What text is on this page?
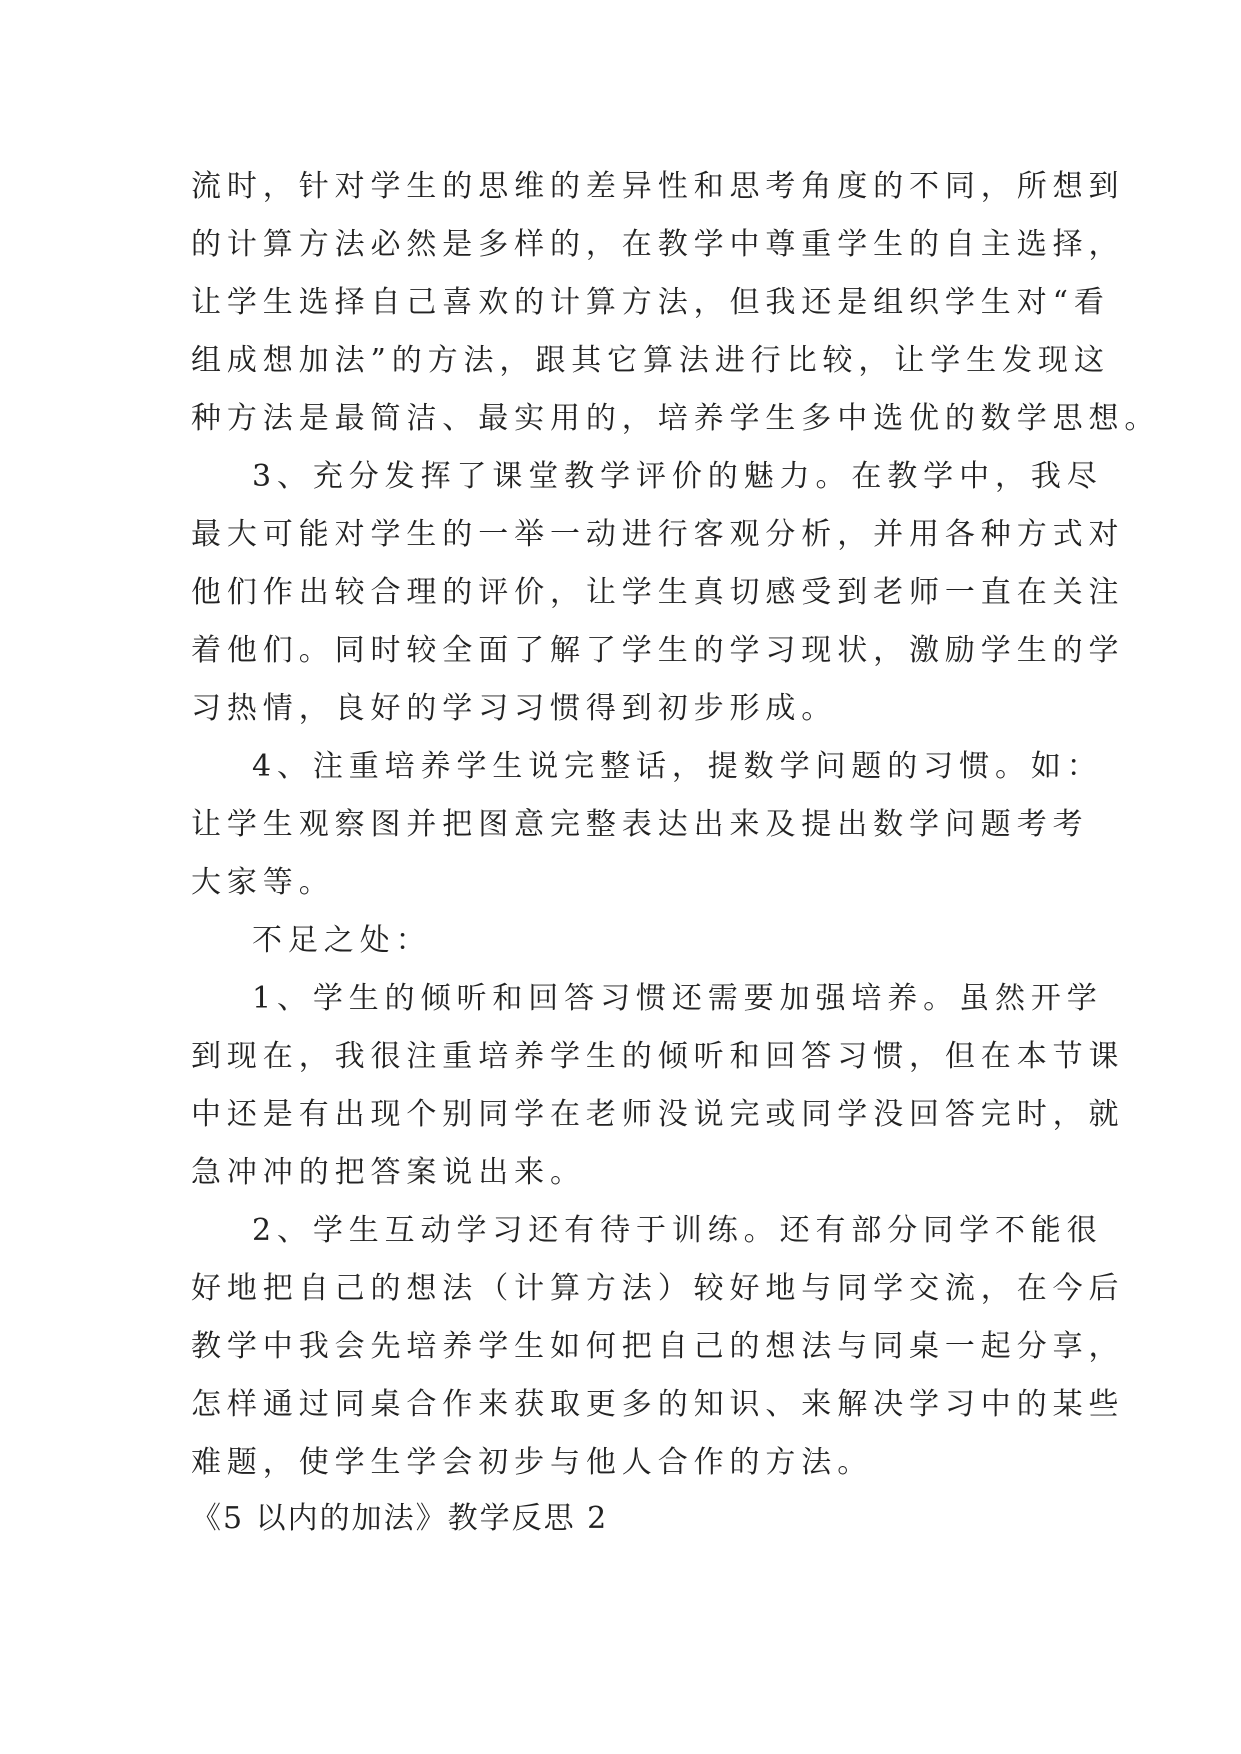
流时，针对学生的思维的差异性和思考角度的不同，所想到
的计算方法必然是多样的，在教学中尊重学生的自主选择，
让学生选择自己喜欢的计算方法，但我还是组织学生对“看
组成想加法”的方法，跟其它算法进行比较，让学生发现这
种方法是最简洁、最实用的，培养学生多中选优的数学思想。
3、充分发挥了课堂教学评价的魅力。在教学中，我尽
最大可能对学生的一举一动进行客观分析，并用各种方式对
他们作出较合理的评价，让学生真切感受到老师一直在关注
着他们。同时较全面了解了学生的学习现状，激励学生的学
习热情，良好的学习习惯得到初步形成。
4、注重培养学生说完整话，提数学问题的习惯。如：
让学生观察图并把图意完整表达出来及提出数学问题考考
大家等。
不足之处：
1、学生的倾听和回答习惯还需要加强培养。虽然开学
到现在，我很注重培养学生的倾听和回答习惯，但在本节课
中还是有出现个别同学在老师没说完或同学没回答完时，就
急冲冲的把答案说出来。
2、学生互动学习还有待于训练。还有部分同学不能很
好地把自己的想法（计算方法）较好地与同学交流，在今后
教学中我会先培养学生如何把自己的想法与同桌一起分享，
怎样通过同桌合作来获取更多的知识、来解决学习中的某些
难题，使学生学会初步与他人合作的方法。
《5 以内的加法》教学反思 2
